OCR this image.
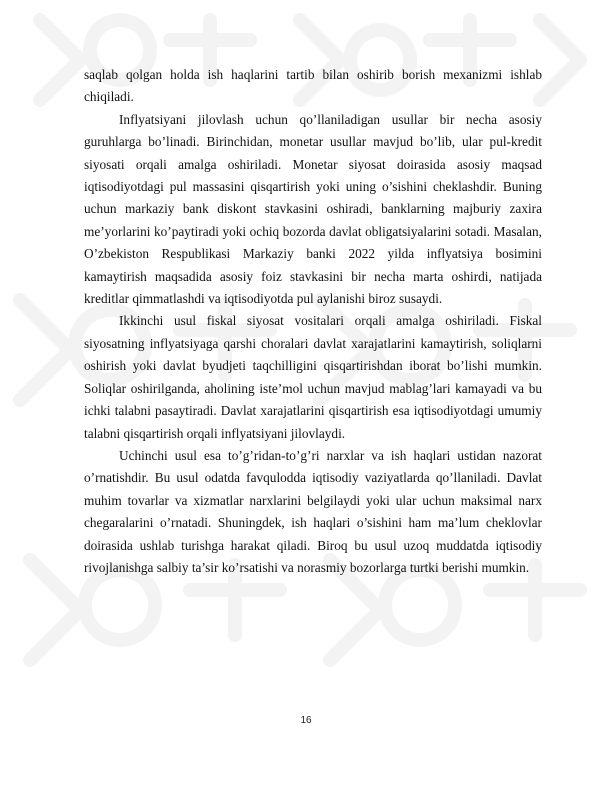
saqlab qolgan holda ish haqlarini tartib bilan oshirib borish mexanizmi ishlab chiqiladi.

Inflyatsiyani jilovlash uchun qo’llaniladigan usullar bir necha asosiy guruhlarga bo’linadi. Birinchidan, monetar usullar mavjud bo’lib, ular pul-kredit siyosati orqali amalga oshiriladi. Monetar siyosat doirasida asosiy maqsad iqtisodiyotdagi pul massasini qisqartirish yoki uning o’sishini cheklashdir. Buning uchun markaziy bank diskont stavkasini oshiradi, banklarning majburiy zaxira me’yorlarini ko’paytiradi yoki ochiq bozorda davlat obligatsiyalarini sotadi. Masalan, O’zbekiston Respublikasi Markaziy banki 2022 yilda inflyatsiya bosimini kamaytirish maqsadida asosiy foiz stavkasini bir necha marta oshirdi, natijada kreditlar qimmatlashdi va iqtisodiyotda pul aylanishi biroz susaydi.

Ikkinchi usul fiskal siyosat vositalari orqali amalga oshiriladi. Fiskal siyosatning inflyatsiyaga qarshi choralari davlat xarajatlarini kamaytirish, soliqlarni oshirish yoki davlat byudjeti taqchilligini qisqartirishdan iborat bo’lishi mumkin. Soliqlar oshirilganda, aholining iste’mol uchun mavjud mablag’lari kamayadi va bu ichki talabni pasaytiradi. Davlat xarajatlarini qisqartirish esa iqtisodiyotdagi umumiy talabni qisqartirish orqali inflyatsiyani jilovlaydi.

Uchinchi usul esa to’g’ridan-to’g’ri narxlar va ish haqlari ustidan nazorat o’rnatishdir. Bu usul odatda favqulodda iqtisodiy vaziyatlarda qo’llaniladi. Davlat muhim tovarlar va xizmatlar narxlarini belgilaydi yoki ular uchun maksimal narx chegaralarini o’rnatadi. Shuningdek, ish haqlari o’sishini ham ma’lum cheklovlar doirasida ushlab turishga harakat qiladi. Biroq bu usul uzoq muddatda iqtisodiy rivojlanishga salbiy ta’sir ko’rsatishi va norasmiy bozorlarga turtki berishi mumkin.

16
